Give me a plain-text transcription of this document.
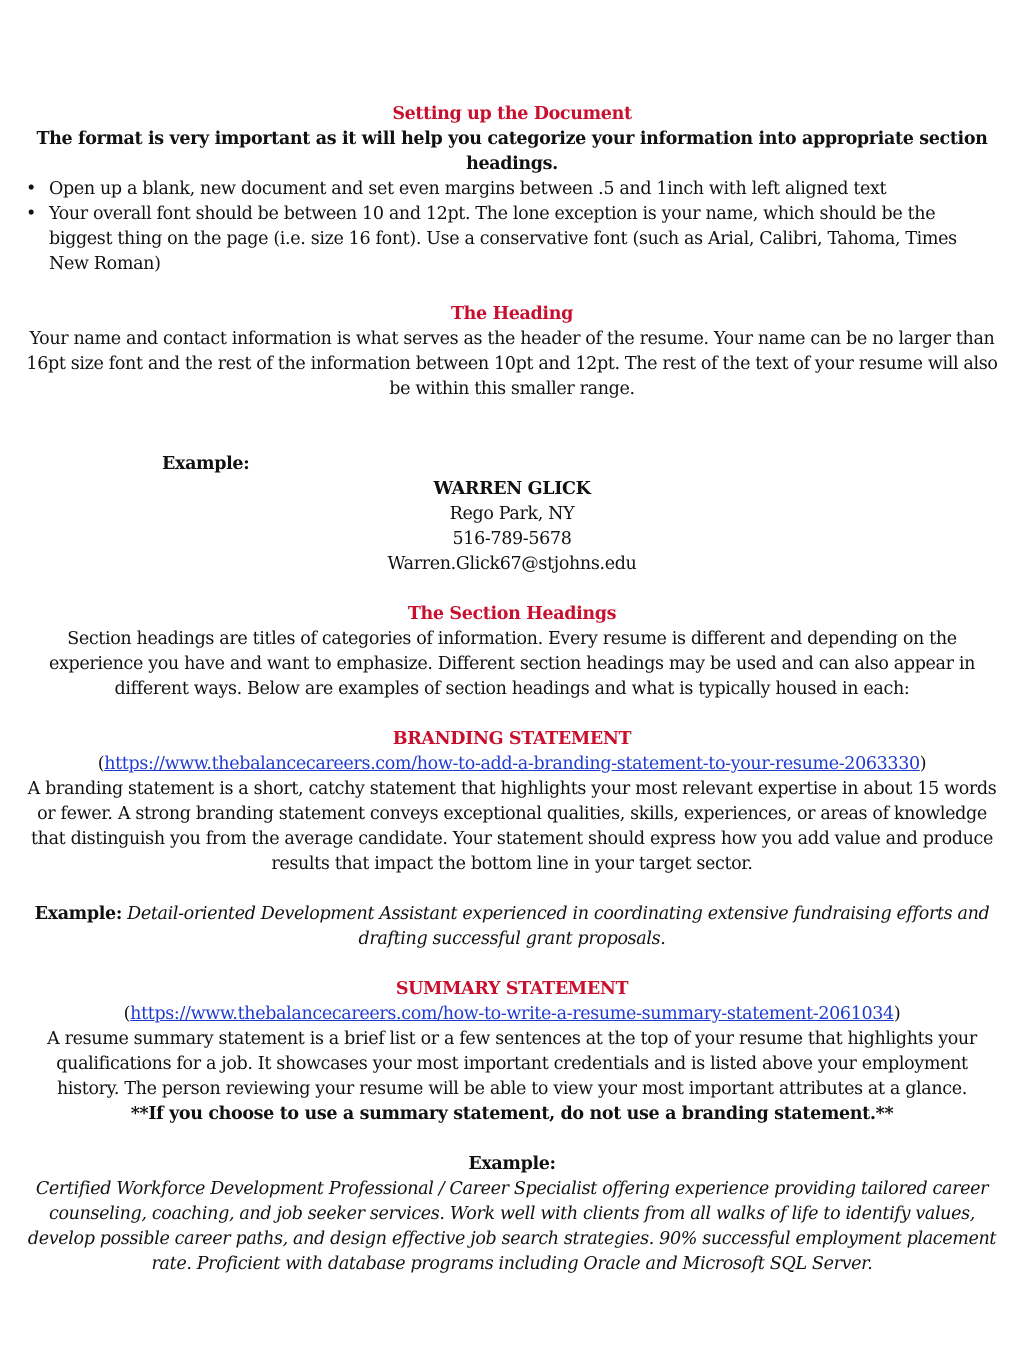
Setting up the Document
The format is very important as it will help you categorize your information into appropriate section headings.
• Open up a blank, new document and set even margins between .5 and 1inch with left aligned text
• Your overall font should be between 10 and 12pt. The lone exception is your name, which should be the biggest thing on the page (i.e. size 16 font). Use a conservative font (such as Arial, Calibri, Tahoma, Times New Roman)
The Heading
Your name and contact information is what serves as the header of the resume. Your name can be no larger than 16pt size font and the rest of the information between 10pt and 12pt. The rest of the text of your resume will also be within this smaller range.
Example:
WARREN GLICK
Rego Park, NY
516-789-5678
Warren.Glick67@stjohns.edu
The Section Headings
Section headings are titles of categories of information. Every resume is different and depending on the experience you have and want to emphasize. Different section headings may be used and can also appear in different ways. Below are examples of section headings and what is typically housed in each:
BRANDING STATEMENT
(https://www.thebalancecareers.com/how-to-add-a-branding-statement-to-your-resume-2063330)
A branding statement is a short, catchy statement that highlights your most relevant expertise in about 15 words or fewer. A strong branding statement conveys exceptional qualities, skills, experiences, or areas of knowledge that distinguish you from the average candidate. Your statement should express how you add value and produce results that impact the bottom line in your target sector.
Example: Detail-oriented Development Assistant experienced in coordinating extensive fundraising efforts and drafting successful grant proposals.
SUMMARY STATEMENT
(https://www.thebalancecareers.com/how-to-write-a-resume-summary-statement-2061034)
A resume summary statement is a brief list or a few sentences at the top of your resume that highlights your qualifications for a job. It showcases your most important credentials and is listed above your employment history. The person reviewing your resume will be able to view your most important attributes at a glance.
**If you choose to use a summary statement, do not use a branding statement.**
Example:
Certified Workforce Development Professional / Career Specialist offering experience providing tailored career counseling, coaching, and job seeker services. Work well with clients from all walks of life to identify values, develop possible career paths, and design effective job search strategies. 90% successful employment placement rate. Proficient with database programs including Oracle and Microsoft SQL Server.
